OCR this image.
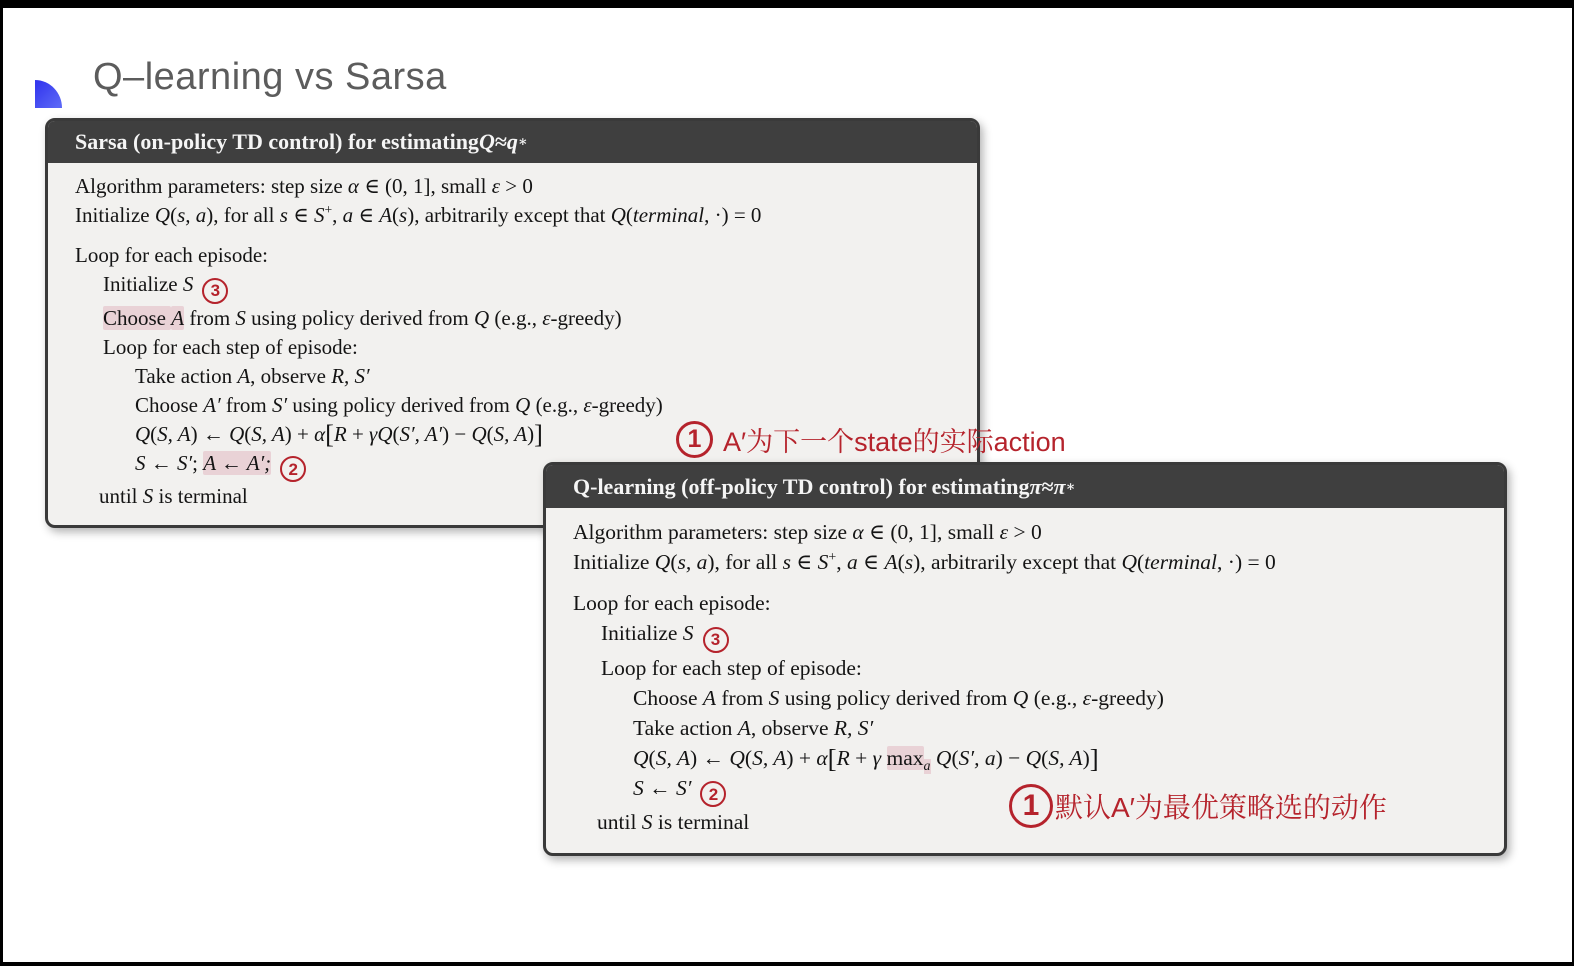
Q–learning vs Sarsa
Sarsa (on-policy TD control) for estimating Q ≈ q ∗
Algorithm parameters: step size α ∈ (0, 1], small ε > 0
Initialize Q(s, a), for all s ∈ S+, a ∈ A(s), arbitrarily except that Q(terminal, ·) = 0
Loop for each episode:
Initialize S 3
Choose A from S using policy derived from Q (e.g., ε-greedy)
Loop for each step of episode:
Take action A, observe R, S′
Choose A′ from S′ using policy derived from Q (e.g., ε-greedy)
Q(S, A) ← Q(S, A) + α[R + γQ(S′, A′) − Q(S, A)]
S ← S′; A ← A′; 2
until S is terminal	Q-learning (off-policy TD control) for estimating π ≈ π ∗
Algorithm parameters: step size α ∈ (0, 1], small ε > 0
Initialize Q(s, a), for all s ∈ S+, a ∈ A(s), arbitrarily except that Q(terminal, ·) = 0
Loop for each episode:
Initialize S 3
Loop for each step of episode:
Choose A from S using policy derived from Q (e.g., ε-greedy)
Take action A, observe R, S′
Q(S, A) ← Q(S, A) + α[R + γ $\max_a Q(S'$, a) − Q(S, A)]
S ← S′ 2
until S is terminal
1 A′为下一个state的实际action
1 默认A′为最优策略选的动作
